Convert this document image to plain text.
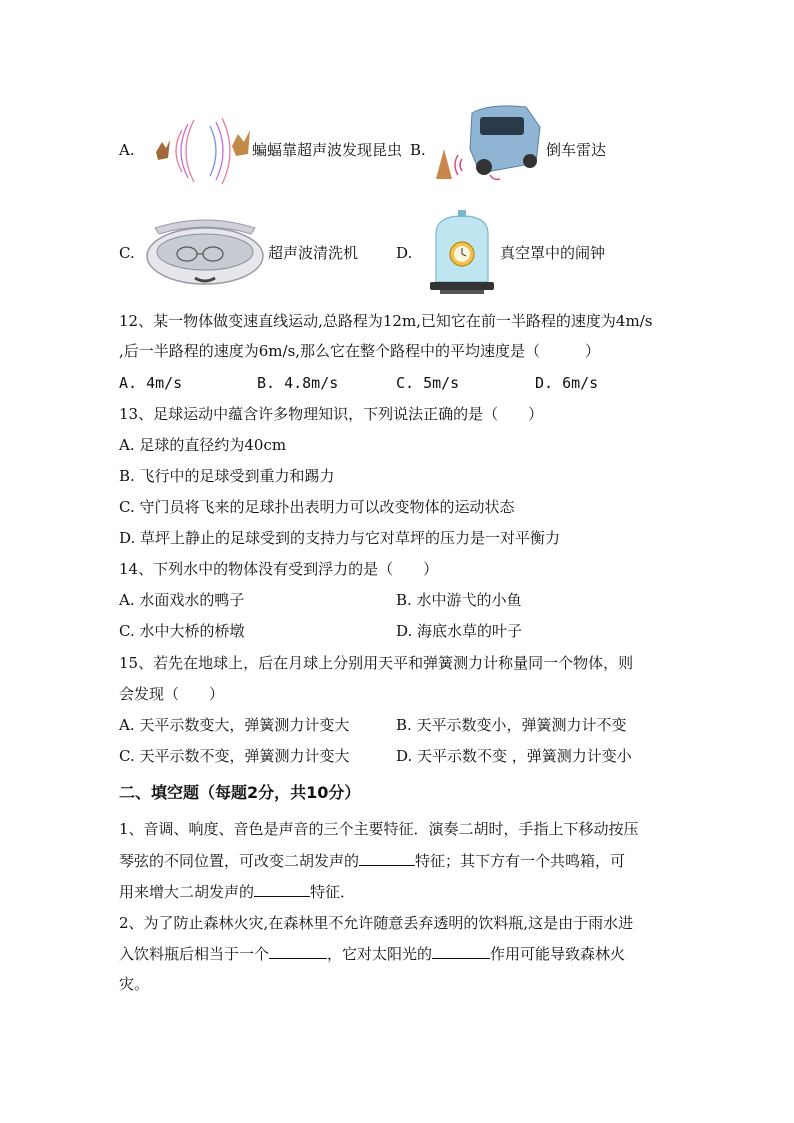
A.	蝙蝠靠超声波发现昆虫 B.	倒车雷达
C.	超声波清洗机	D.	真空罩中的闹钟
12、某一物体做变速直线运动,总路程为12m,已知它在前一半路程的速度为4m/s
,后一半路程的速度为6m/s,那么它在整个路程中的平均速度是（　　　）
A. 4m/s	B. 4.8m/s	C. 5m/s	D. 6m/s
13、足球运动中蕴含许多物理知识，下列说法正确的是（　　）
A. 足球的直径约为40cm
B. 飞行中的足球受到重力和踢力
C. 守门员将飞来的足球扑出表明力可以改变物体的运动状态
D. 草坪上静止的足球受到的支持力与它对草坪的压力是一对平衡力
14、下列水中的物体没有受到浮力的是（　　）
A. 水面戏水的鸭子	B. 水中游弋的小鱼
C. 水中大桥的桥墩	D. 海底水草的叶子
15、若先在地球上，后在月球上分别用天平和弹簧测力计称量同一个物体，则
会发现（　　）
A. 天平示数变大，弹簧测力计变大	B. 天平示数变小，弹簧测力计不变
C. 天平示数不变，弹簧测力计变大	D. 天平示数不变 ，弹簧测力计变小
二、填空题（每题2分，共10分）
1、音调、响度、音色是声音的三个主要特征．演奏二胡时，手指上下移动按压
琴弦的不同位置，可改变二胡发声的	特征；其下方有一个共鸣箱，可
用来增大二胡发声的	特征．
2、为了防止森林火灾,在森林里不允许随意丢弃透明的饮料瓶,这是由于雨水进
入饮料瓶后相当于一个	，它对太阳光的	作用可能导致森林火
灾。
